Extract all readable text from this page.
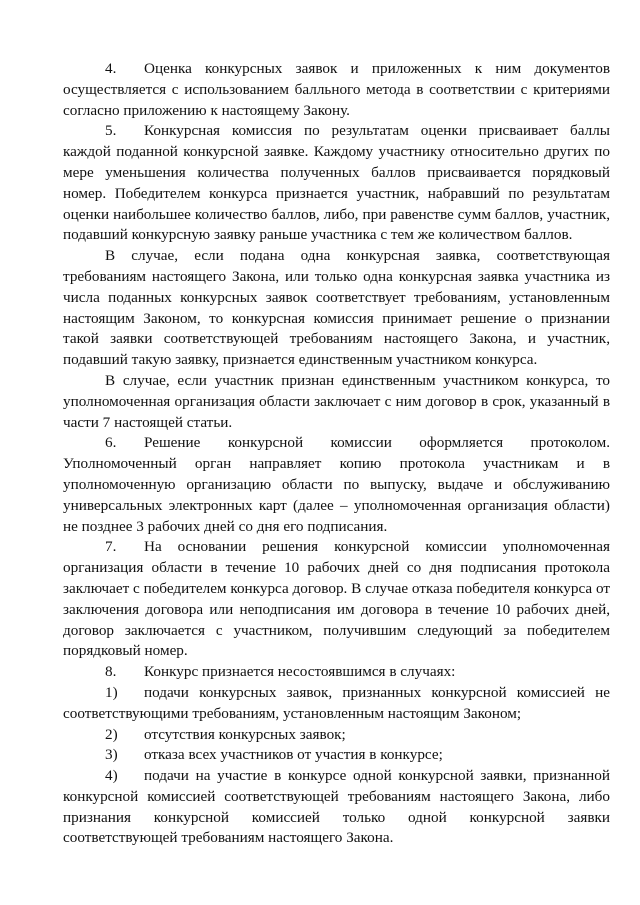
4. Оценка конкурсных заявок и приложенных к ним документов осуществляется с использованием балльного метода в соответствии с критериями согласно приложению к настоящему Закону.

5. Конкурсная комиссия по результатам оценки присваивает баллы каждой поданной конкурсной заявке. Каждому участнику относительно других по мере уменьшения количества полученных баллов присваивается порядковый номер. Победителем конкурса признается участник, набравший по результатам оценки наибольшее количество баллов, либо, при равенстве сумм баллов, участник, подавший конкурсную заявку раньше участника с тем же количеством баллов.

В случае, если подана одна конкурсная заявка, соответствующая требованиям настоящего Закона, или только одна конкурсная заявка участника из числа поданных конкурсных заявок соответствует требованиям, установленным настоящим Законом, то конкурсная комиссия принимает решение о признании такой заявки соответствующей требованиям настоящего Закона, и участник, подавший такую заявку, признается единственным участником конкурса.

В случае, если участник признан единственным участником конкурса, то уполномоченная организация области заключает с ним договор в срок, указанный в части 7 настоящей статьи.

6. Решение конкурсной комиссии оформляется протоколом. Уполномоченный орган направляет копию протокола участникам и в уполномоченную организацию области по выпуску, выдаче и обслуживанию универсальных электронных карт (далее – уполномоченная организация области) не позднее 3 рабочих дней со дня его подписания.

7. На основании решения конкурсной комиссии уполномоченная организация области в течение 10 рабочих дней со дня подписания протокола заключает с победителем конкурса договор. В случае отказа победителя конкурса от заключения договора или неподписания им договора в течение 10 рабочих дней, договор заключается с участником, получившим следующий за победителем порядковый номер.

8. Конкурс признается несостоявшимся в случаях:

1) подачи конкурсных заявок, признанных конкурсной комиссией не соответствующими требованиям, установленным настоящим Законом;

2) отсутствия конкурсных заявок;

3) отказа всех участников от участия в конкурсе;

4) подачи на участие в конкурсе одной конкурсной заявки, признанной конкурсной комиссией соответствующей требованиям настоящего Закона, либо признания конкурсной комиссией только одной конкурсной заявки соответствующей требованиям настоящего Закона.
